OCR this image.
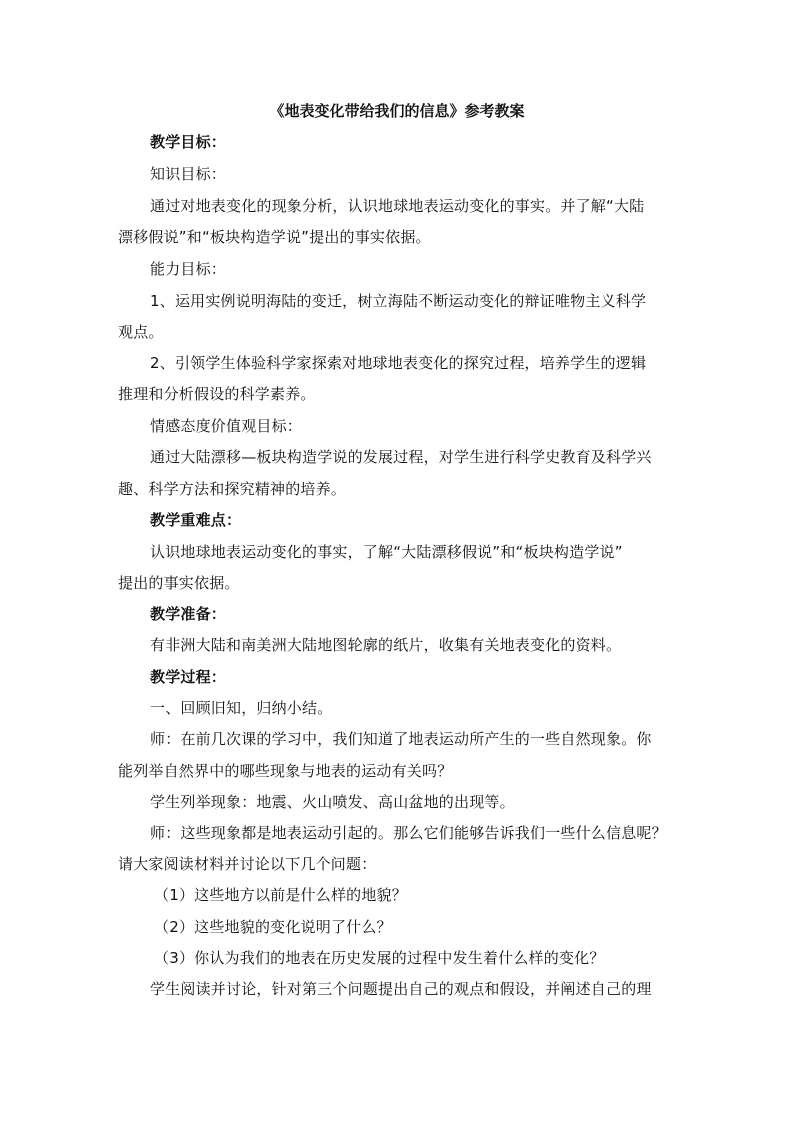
《地表变化带给我们的信息》参考教案
教学目标：
知识目标：
通过对地表变化的现象分析，认识地球地表运动变化的事实。并了解“大陆
漂移假说”和“板块构造学说”提出的事实依据。
能力目标：
1、运用实例说明海陆的变迁，树立海陆不断运动变化的辩证唯物主义科学
观点。
2、引领学生体验科学家探索对地球地表变化的探究过程，培养学生的逻辑
推理和分析假设的科学素养。
情感态度价值观目标：
通过大陆漂移—板块构造学说的发展过程，对学生进行科学史教育及科学兴
趣、科学方法和探究精神的培养。
教学重难点：
认识地球地表运动变化的事实，了解“大陆漂移假说”和“板块构造学说”
提出的事实依据。
教学准备：
有非洲大陆和南美洲大陆地图轮廓的纸片，收集有关地表变化的资料。
教学过程：
一、回顾旧知，归纳小结。
师：在前几次课的学习中，我们知道了地表运动所产生的一些自然现象。你
能列举自然界中的哪些现象与地表的运动有关吗？
学生列举现象：地震、火山喷发、高山盆地的出现等。
师：这些现象都是地表运动引起的。那么它们能够告诉我们一些什么信息呢？
请大家阅读材料并讨论以下几个问题：
（1）这些地方以前是什么样的地貌？
（2）这些地貌的变化说明了什么？
（3）你认为我们的地表在历史发展的过程中发生着什么样的变化？
学生阅读并讨论，针对第三个问题提出自己的观点和假设，并阐述自己的理
